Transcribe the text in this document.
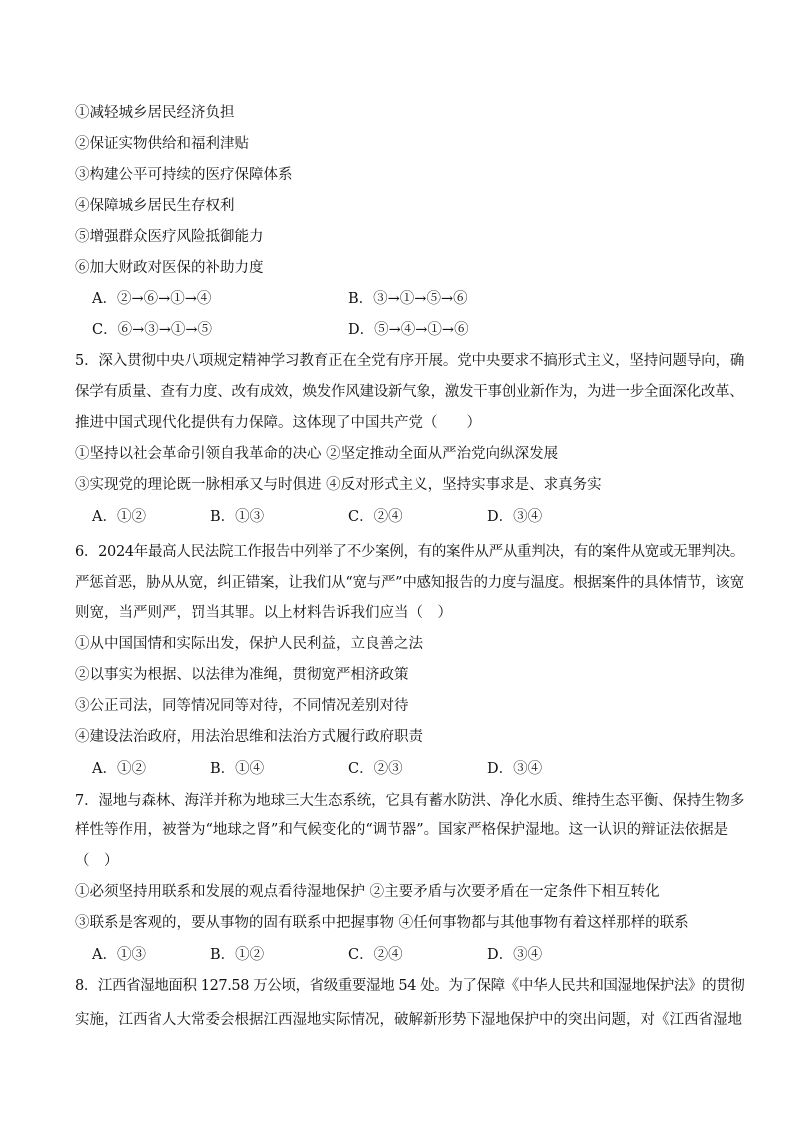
①减轻城乡居民经济负担
②保证实物供给和福利津贴
③构建公平可持续的医疗保障体系
④保障城乡居民生存权利
⑤增强群众医疗风险抵御能力
⑥加大财政对医保的补助力度
A．②→⑥→①→④	B．③→①→⑤→⑥
C．⑥→③→①→⑤	D．⑤→④→①→⑥
5．深入贯彻中央八项规定精神学习教育正在全党有序开展。党中央要求不搞形式主义，坚持问题导向，确
保学有质量、查有力度、改有成效，焕发作风建设新气象，激发干事创业新作为，为进一步全面深化改革、
推进中国式现代化提供有力保障。这体现了中国共产党（　　）
①坚持以社会革命引领自我革命的决心 ②坚定推动全面从严治党向纵深发展
③实现党的理论既一脉相承又与时俱进 ④反对形式主义，坚持实事求是、求真务实
A．①②	B．①③	C．②④	D．③④
6．2024年最高人民法院工作报告中列举了不少案例，有的案件从严从重判决，有的案件从宽或无罪判决。
严惩首恶，胁从从宽，纠正错案，让我们从“宽与严”中感知报告的力度与温度。根据案件的具体情节，该宽
则宽，当严则严，罚当其罪。以上材料告诉我们应当（　）
①从中国国情和实际出发，保护人民利益，立良善之法
②以事实为根据、以法律为准绳，贯彻宽严相济政策
③公正司法，同等情况同等对待，不同情况差别对待
④建设法治政府，用法治思维和法治方式履行政府职责
A．①②	B．①④	C．②③	D．③④
7．湿地与森林、海洋并称为地球三大生态系统，它具有蓄水防洪、净化水质、维持生态平衡、保持生物多
样性等作用，被誉为“地球之肾”和气候变化的“调节器”。国家严格保护湿地。这一认识的辩证法依据是
（　）
①必须坚持用联系和发展的观点看待湿地保护 ②主要矛盾与次要矛盾在一定条件下相互转化
③联系是客观的，要从事物的固有联系中把握事物 ④任何事物都与其他事物有着这样那样的联系
A．①③	B．①②	C．②④	D．③④
8．江西省湿地面积 127.58 万公顷，省级重要湿地 54 处。为了保障《中华人民共和国湿地保护法》的贯彻
实施，江西省人大常委会根据江西湿地实际情况，破解新形势下湿地保护中的突出问题，对《江西省湿地
